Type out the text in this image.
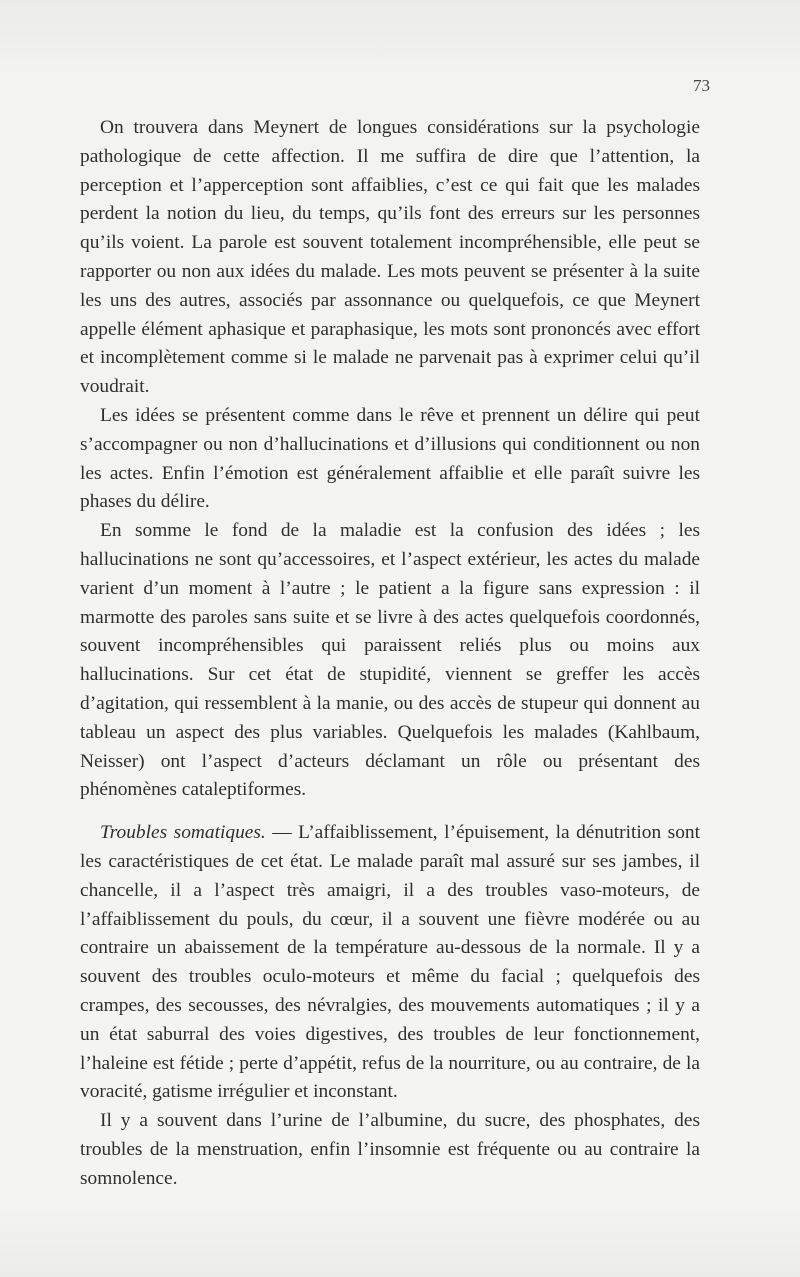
73

On trouvera dans Meynert de longues considérations sur la psychologie pathologique de cette affection. Il me suffira de dire que l’attention, la perception et l’apperception sont affaiblies, c’est ce qui fait que les malades perdent la notion du lieu, du temps, qu’ils font des erreurs sur les personnes qu’ils voient. La parole est souvent totalement incompréhensible, elle peut se rapporter ou non aux idées du malade. Les mots peuvent se présenter à la suite les uns des autres, associés par assonnance ou quelquefois, ce que Meynert appelle élément aphasique et paraphasique, les mots sont prononcés avec effort et incomplètement comme si le malade ne parvenait pas à exprimer celui qu’il voudrait.

Les idées se présentent comme dans le rêve et prennent un délire qui peut s’accompagner ou non d’hallucinations et d’illusions qui conditionnent ou non les actes. Enfin l’émotion est généralement affaiblie et elle paraît suivre les phases du délire.

En somme le fond de la maladie est la confusion des idées ; les hallucinations ne sont qu’accessoires, et l’aspect extérieur, les actes du malade varient d’un moment à l’autre ; le patient a la figure sans expression : il marmotte des paroles sans suite et se livre à des actes quelquefois coordonnés, souvent incompréhensibles qui paraissent reliés plus ou moins aux hallucinations. Sur cet état de stupidité, viennent se greffer les accès d’agitation, qui ressemblent à la manie, ou des accès de stupeur qui donnent au tableau un aspect des plus variables. Quelquefois les malades (Kahlbaum, Neisser) ont l’aspect d’acteurs déclamant un rôle ou présentant des phénomènes cataleptiformes.

Troubles somatiques. — L’affaiblissement, l’épuisement, la dénutrition sont les caractéristiques de cet état. Le malade paraît mal assuré sur ses jambes, il chancelle, il a l’aspect très amaigri, il a des troubles vaso-moteurs, de l’affaiblissement du pouls, du cœur, il a souvent une fièvre modérée ou au contraire un abaissement de la température au-dessous de la normale. Il y a souvent des troubles oculo-moteurs et même du facial ; quelquefois des crampes, des secousses, des névralgies, des mouvements automatiques ; il y a un état saburral des voies digestives, des troubles de leur fonctionnement, l’haleine est fétide ; perte d’appétit, refus de la nourriture, ou au contraire, de la voracité, gatisme irrégulier et inconstant.

Il y a souvent dans l’urine de l’albumine, du sucre, des phosphates, des troubles de la menstruation, enfin l’insomnie est fréquente ou au contraire la somnolence.
